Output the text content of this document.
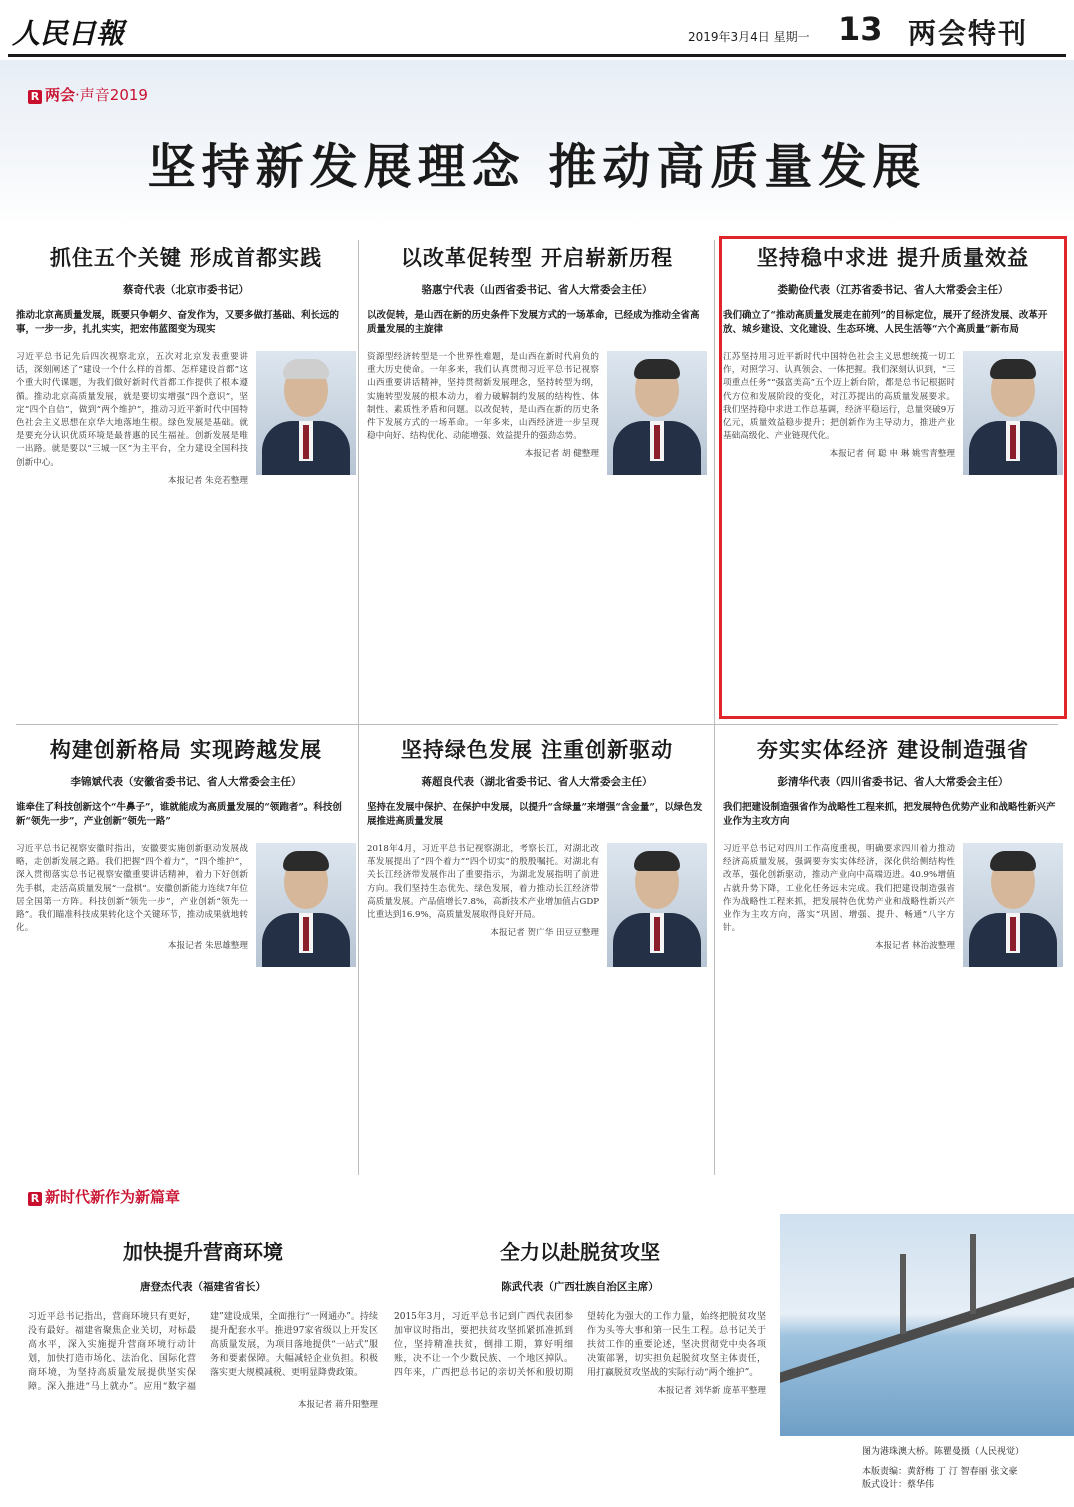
人民日報	2019年3月4日 星期一 13 两会特刊
R 两会·声音2019
坚持新发展理念 推动高质量发展
抓住五个关键 形成首都实践
蔡奇代表（北京市委书记）
推动北京高质量发展，既要只争朝夕、奋发作为，又要多做打基础、利长远的事，一步一步，扎扎实实，把宏伟蓝图变为现实
习近平总书记先后四次视察北京，五次对北京发表重要讲话，深刻阐述了“建设一个什么样的首都、怎样建设首都”这个重大时代课题，为我们做好新时代首都工作提供了根本遵循。推动北京高质量发展，就是要切实增强“四个意识”，坚定“四个自信”，做到“两个维护”，推动习近平新时代中国特色社会主义思想在京华大地落地生根。绿色发展是基础。就是要充分认识优质环境是最普惠的民生福祉。创新发展是唯一出路。就是要以“三城一区”为主平台，全力建设全国科技创新中心。
本报记者 朱竞若整理
以改革促转型 开启崭新历程
骆惠宁代表（山西省委书记、省人大常委会主任）
以改促转，是山西在新的历史条件下发展方式的一场革命，已经成为推动全省高质量发展的主旋律
资源型经济转型是一个世界性难题，是山西在新时代肩负的重大历史使命。一年多来，我们认真贯彻习近平总书记视察山西重要讲话精神，坚持贯彻新发展理念，坚持转型为纲，实施转型发展的根本动力，着力破解制约发展的结构性、体制性、素质性矛盾和问题。以改促转，是山西在新的历史条件下发展方式的一场革命。一年多来，山西经济进一步呈现稳中向好、结构优化、动能增强、效益提升的强劲态势。
本报记者 胡 健整理
坚持稳中求进 提升质量效益
娄勤俭代表（江苏省委书记、省人大常委会主任）
我们确立了“推动高质量发展走在前列”的目标定位，展开了经济发展、改革开放、城乡建设、文化建设、生态环境、人民生活等“六个高质量”新布局
江苏坚持用习近平新时代中国特色社会主义思想统揽一切工作，对照学习、认真领会、一体把握。我们深刻认识到，“三项重点任务”“强富美高”五个迈上新台阶，都是总书记根据时代方位和发展阶段的变化，对江苏提出的高质量发展要求。我们坚持稳中求进工作总基调，经济平稳运行，总量突破9万亿元，质量效益稳步提升；把创新作为主导动力，推进产业基础高级化、产业链现代化。
本报记者 何 聪 申 琳 姚雪青整理
构建创新格局 实现跨越发展
李锦斌代表（安徽省委书记、省人大常委会主任）
谁牵住了科技创新这个“牛鼻子”，谁就能成为高质量发展的“领跑者”。科技创新“领先一步”，产业创新“领先一路”
习近平总书记视察安徽时指出，安徽要实施创新驱动发展战略，走创新发展之路。我们把握“四个着力”，“四个维护”，深入贯彻落实总书记视察安徽重要讲话精神，着力下好创新先手棋，走活高质量发展“一盘棋”。安徽创新能力连续7年位居全国第一方阵。科技创新“领先一步”，产业创新“领先一路”。我们瞄准科技成果转化这个关键环节，推动成果就地转化。
本报记者 朱思雄整理
坚持绿色发展 注重创新驱动
蒋超良代表（湖北省委书记、省人大常委会主任）
坚持在发展中保护、在保护中发展，以提升“含绿量”来增强“含金量”，以绿色发展推进高质量发展
2018年4月，习近平总书记视察湖北，考察长江，对湖北改革发展提出了“四个着力”“四个切实”的殷殷嘱托。对湖北有关长江经济带发展作出了重要指示，为湖北发展指明了前进方向。我们坚持生态优先、绿色发展，着力推动长江经济带高质量发展。产品值增长7.8%，高新技术产业增加值占GDP比重达到16.9%，高质量发展取得良好开局。
本报记者 贺广华 田豆豆整理
夯实实体经济 建设制造强省
彭清华代表（四川省委书记、省人大常委会主任）
我们把建设制造强省作为战略性工程来抓，把发展特色优势产业和战略性新兴产业作为主攻方向
习近平总书记对四川工作高度重视，明确要求四川着力推动经济高质量发展，强调要夯实实体经济，深化供给侧结构性改革，强化创新驱动，推动产业向中高端迈进。40.9%增值占就升势下降，工业化任务远未完成。我们把建设制造强省作为战略性工程来抓，把发展特色优势产业和战略性新兴产业作为主攻方向，落实“巩固、增强、提升、畅通”八字方针。
本报记者 林治波整理
R 新时代新作为新篇章
加快提升营商环境
唐登杰代表（福建省省长）
习近平总书记指出，营商环境只有更好，没有最好。福建省聚焦企业关切，对标最高水平，深入实施提升营商环境行动计划，加快打造市场化、法治化、国际化营商环境，为坚持高质量发展提供坚实保障。深入推进“马上就办”。应用“数字福建”建设成果，全面推行“一网通办”。持续提升配套水平。推进97家省级以上开发区高质量发展，为项目落地提供“一站式”服务和要素保障。大幅减轻企业负担。积极落实更大规模减税、更明显降费政策。
本报记者 蒋升阳整理
全力以赴脱贫攻坚
陈武代表（广西壮族自治区主席）
2015年3月，习近平总书记到广西代表团参加审议时指出，要把扶贫攻坚抓紧抓准抓到位，坚持精准扶贫，倒排工期，算好明细账，决不让一个少数民族、一个地区掉队。四年来，广西把总书记的亲切关怀和殷切期望转化为强大的工作力量，始终把脱贫攻坚作为头等大事和第一民生工程。总书记关于扶贫工作的重要论述，坚决贯彻党中央各项决策部署，切实担负起脱贫攻坚主体责任，用打赢脱贫攻坚战的实际行动“两个维护”。
本报记者 刘华新 庞革平整理
图为港珠澳大桥。陈瞿曼摄（人民视觉）
本版责编：黄舒梅 丁 汀 智春丽 张文豪
版式设计：蔡华伟
